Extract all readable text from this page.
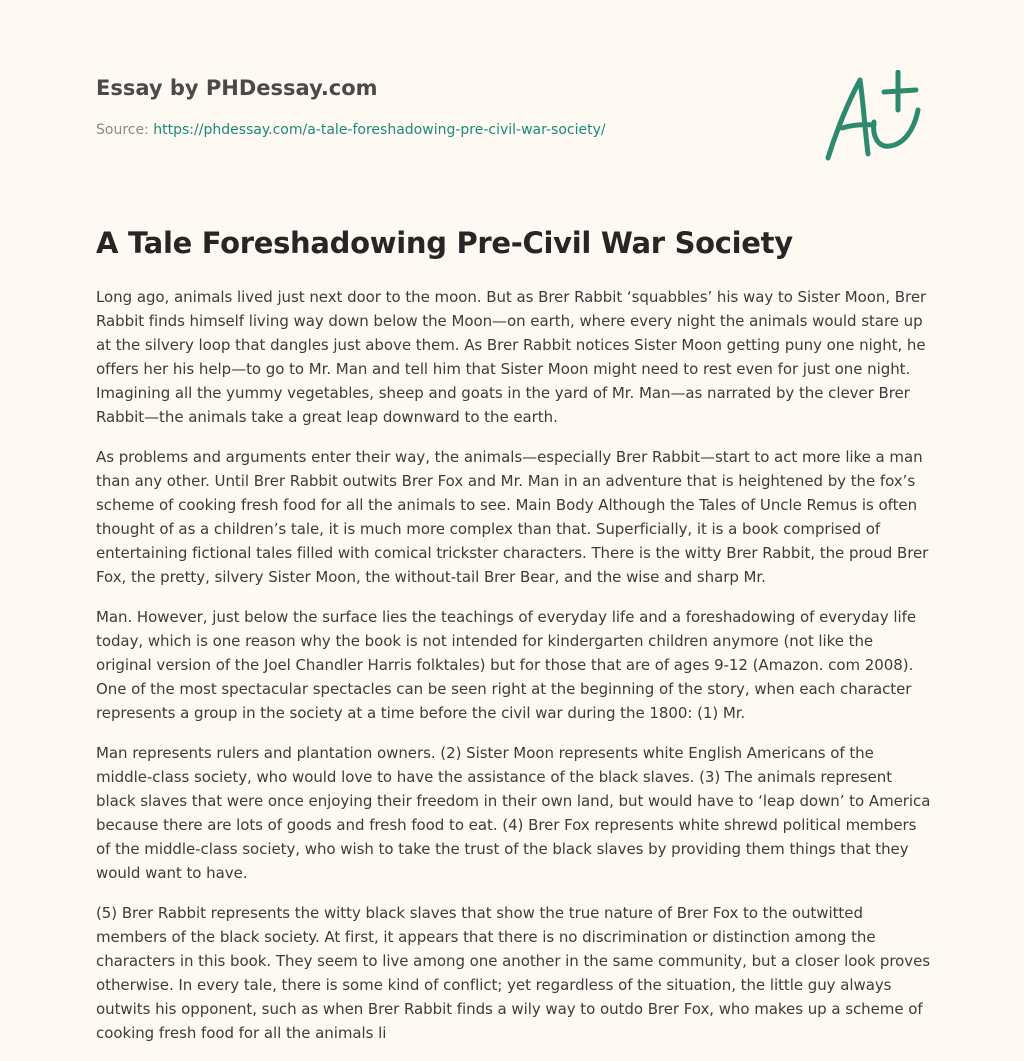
Essay by PHDessay.com
Source: https://phdessay.com/a-tale-foreshadowing-pre-civil-war-society/
A Tale Foreshadowing Pre-Civil War Society

Long ago, animals lived just next door to the moon. But as Brer Rabbit ‘squabbles’ his way to Sister Moon, Brer Rabbit finds himself living way down below the Moon—on earth, where every night the animals would stare up at the silvery loop that dangles just above them. As Brer Rabbit notices Sister Moon getting puny one night, he offers her his help—to go to Mr. Man and tell him that Sister Moon might need to rest even for just one night. Imagining all the yummy vegetables, sheep and goats in the yard of Mr. Man—as narrated by the clever Brer Rabbit—the animals take a great leap downward to the earth.

As problems and arguments enter their way, the animals—especially Brer Rabbit—start to act more like a man than any other. Until Brer Rabbit outwits Brer Fox and Mr. Man in an adventure that is heightened by the fox’s scheme of cooking fresh food for all the animals to see. Main Body Although the Tales of Uncle Remus is often thought of as a children’s tale, it is much more complex than that. Superficially, it is a book comprised of entertaining fictional tales filled with comical trickster characters. There is the witty Brer Rabbit, the proud Brer Fox, the pretty, silvery Sister Moon, the without-tail Brer Bear, and the wise and sharp Mr.

Man. However, just below the surface lies the teachings of everyday life and a foreshadowing of everyday life today, which is one reason why the book is not intended for kindergarten children anymore (not like the original version of the Joel Chandler Harris folktales) but for those that are of ages 9-12 (Amazon. com 2008). One of the most spectacular spectacles can be seen right at the beginning of the story, when each character represents a group in the society at a time before the civil war during the 1800: (1) Mr.

Man represents rulers and plantation owners. (2) Sister Moon represents white English Americans of the middle-class society, who would love to have the assistance of the black slaves. (3) The animals represent black slaves that were once enjoying their freedom in their own land, but would have to ‘leap down’ to America because there are lots of goods and fresh food to eat. (4) Brer Fox represents white shrewd political members of the middle-class society, who wish to take the trust of the black slaves by providing them things that they would want to have.

(5) Brer Rabbit represents the witty black slaves that show the true nature of Brer Fox to the outwitted members of the black society. At first, it appears that there is no discrimination or distinction among the characters in this book. They seem to live among one another in the same community, but a closer look proves otherwise. In every tale, there is some kind of conflict; yet regardless of the situation, the little guy always outwits his opponent, such as when Brer Rabbit finds a wily way to outdo Brer Fox, who makes up a scheme of cooking fresh food for all the animals li
